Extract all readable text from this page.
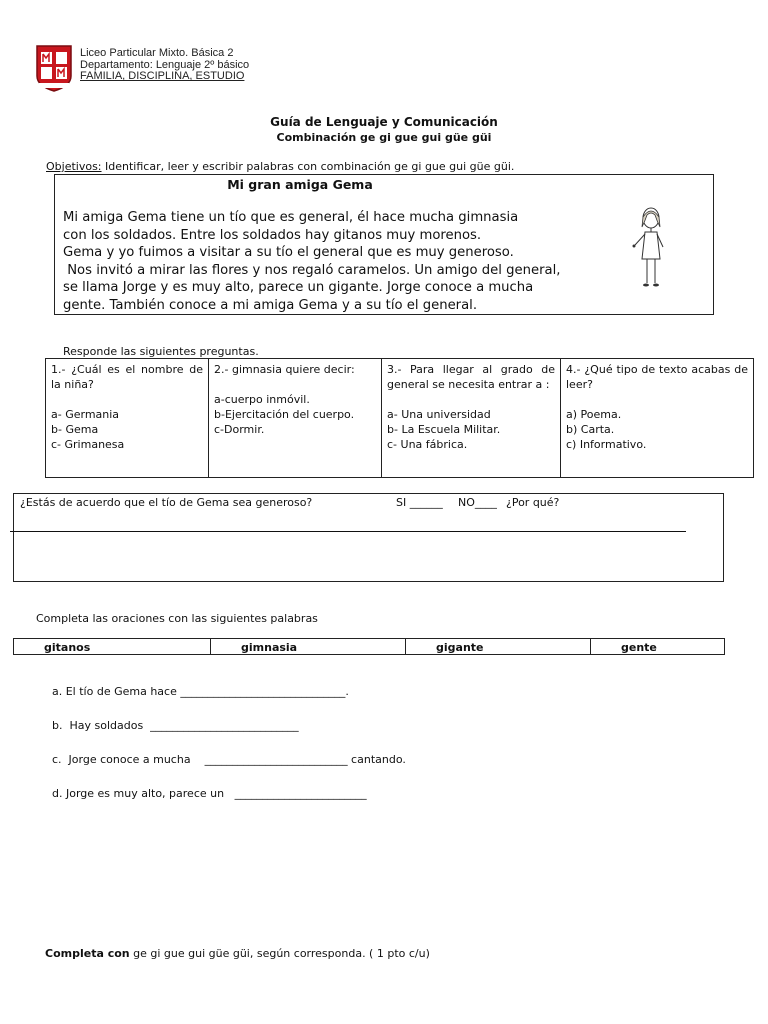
Liceo Particular Mixto. Básica 2
Departamento: Lenguaje 2º básico
FAMILIA, DISCIPLINA, ESTUDIO
Guía de Lenguaje y Comunicación
Combinación ge gi gue gui güe güi
Objetivos: Identificar, leer y escribir palabras con combinación ge gi gue gui güe güi.
Mi gran amiga Gema
Mi amiga Gema tiene un tío que es general, él hace mucha gimnasia
con los soldados. Entre los soldados hay gitanos muy morenos.
Gema y yo fuimos a visitar a su tío el general que es muy generoso.
Nos invitó a mirar las flores y nos regaló caramelos. Un amigo del general,
se llama Jorge y es muy alto, parece un gigante. Jorge conoce a mucha
gente. También conoce a mi amiga Gema y a su tío el general.
Responde las siguientes preguntas.
1.- ¿Cuál es el nombre de la niña?
a- Germania
b- Gema
c- Grimanesa

2.- gimnasia quiere decir:
a-cuerpo inmóvil.
b-Ejercitación del cuerpo.
c-Dormir.

3.- Para llegar al grado de general se necesita entrar a :
a- Una universidad
b- La Escuela Militar.
c- Una fábrica.

4.- ¿Qué tipo de texto acabas de leer?
a) Poema.
b) Carta.
c) Informativo.
¿Estás de acuerdo que el tío de Gema sea generoso?	SI ______ NO____ ¿Por qué?
Completa las oraciones con las siguientes palabras
gitanos	gimnasia	gigante	gente

a. El tío de Gema hace ______________________________.

b.  Hay soldados  ___________________________

c.  Jorge conoce a mucha    __________________________ cantando.

d. Jorge es muy alto, parece un   ________________________

Completa con ge gi gue gui güe güi, según corresponda. ( 1 pto c/u)
